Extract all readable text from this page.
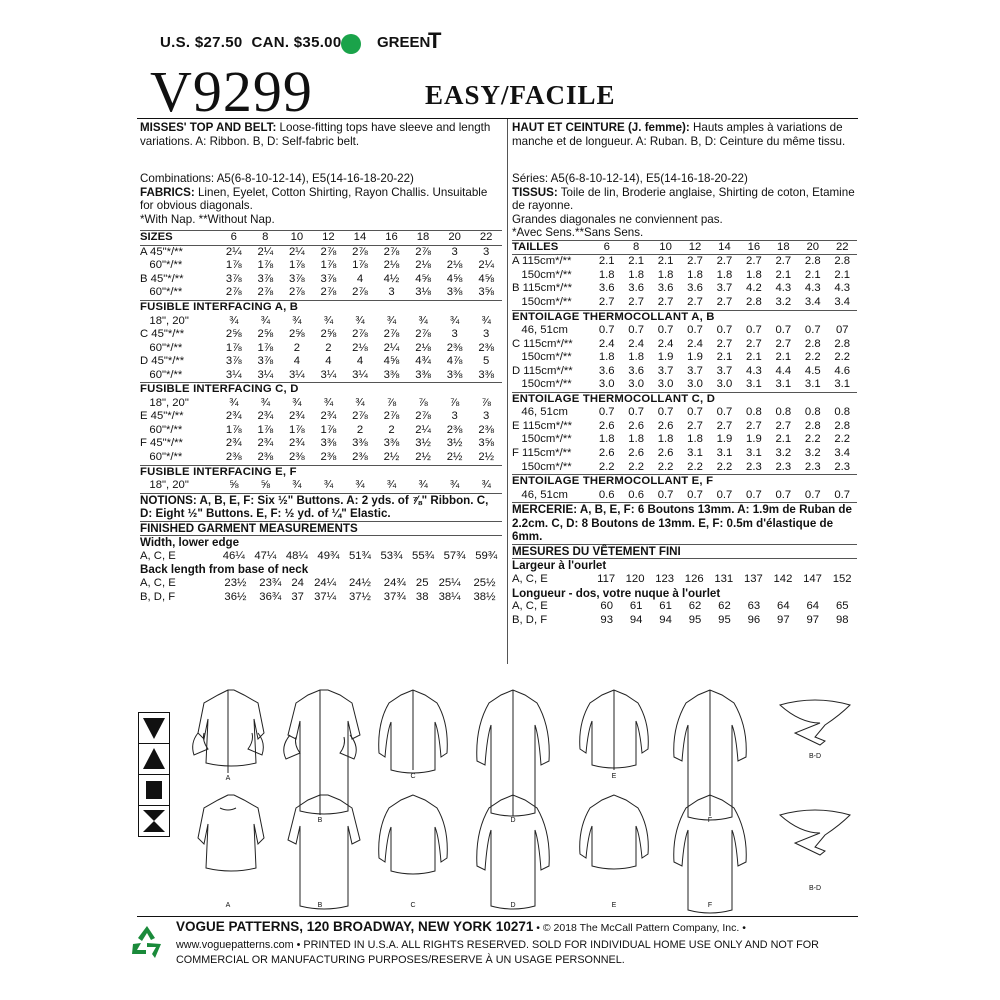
U.S. $27.50  CAN. $35.00 GREEN
T
V9299	EASY/FACILE

MISSES' TOP AND BELT: Loose-fitting tops have sleeve and length variations. A: Ribbon. B, D: Self-fabric belt.

Combinations: A5(6-8-10-12-14), E5(14-16-18-20-22)

FABRICS: Linen, Eyelet, Cotton Shirting, Rayon Challis. Unsuitable for obvious diagonals.

*With Nap. **Without Nap.

SIZES	6	8	10	12	14	16	18	20	22
A 45"*/**	2¼	2¼	2¼	2⅞	2⅞	2⅞	2⅞	3	3
60"*/**	1⅞	1⅞	1⅞	1⅞	1⅞	2⅛	2⅛	2⅛	2¼
B 45"*/**	3⅞	3⅞	3⅞	3⅞	4	4½	4⅝	4⅝	4⅝
60"*/**	2⅞	2⅞	2⅞	2⅞	2⅞	3	3⅛	3⅜	3⅝
FUSIBLE INTERFACING A, B									
18", 20"	¾	¾	¾	¾	¾	¾	¾	¾	¾
C 45"*/**	2⅝	2⅝	2⅝	2⅝	2⅞	2⅞	2⅞	3	3
60"*/**	1⅞	1⅞	2	2	2⅛	2¼	2⅛	2⅜	2⅜
D 45"*/**	3⅞	3⅞	4	4	4	4⅝	4¾	4⅞	5
60"*/**	3¼	3¼	3¼	3¼	3¼	3⅜	3⅜	3⅜	3⅜
FUSIBLE INTERFACING C, D									
18", 20"	¾	¾	¾	¾	¾	⅞	⅞	⅞	⅞
E 45"*/**	2¾	2¾	2¾	2¾	2⅞	2⅞	2⅞	3	3
60"*/**	1⅞	1⅞	1⅞	1⅞	2	2	2¼	2⅜	2⅜
F 45"*/**	2¾	2¾	2¾	3⅜	3⅜	3⅜	3½	3½	3⅝
60"*/**	2⅜	2⅜	2⅜	2⅜	2⅜	2½	2½	2½	2½
FUSIBLE INTERFACING E, F									
18", 20"	⅝	⅝	¾	¾	¾	¾	¾	¾	¾

NOTIONS: A, B, E, F: Six ½" Buttons. A: 2 yds. of ⅞" Ribbon. C, D: Eight ½" Buttons. E, F: ½ yd. of ¼" Elastic.

FINISHED GARMENT MEASUREMENTS

Width, lower edge

A, C, E	46¼	47¼	48¼	49¾	51¾	53¾	55¾	57¾	59¾

Back length from base of neck

A, C, E	23½	23¾	24	24¼	24½	24¾	25	25¼	25½
B, D, F	36½	36¾	37	37¼	37½	37¾	38	38¼	38½

HAUT ET CEINTURE (J. femme): Hauts amples à variations de manche et de longueur. A: Ruban. B, D: Ceinture du même tissu.

Séries: A5(6-8-10-12-14), E5(14-16-18-20-22)

TISSUS: Toile de lin, Broderie anglaise, Shirting de coton, Etamine de rayonne.

Grandes diagonales ne conviennent pas.

*Avec Sens.**Sans Sens.

TAILLES	6	8	10	12	14	16	18	20	22
A 115cm*/**	2.1	2.1	2.1	2.7	2.7	2.7	2.7	2.8	2.8
150cm*/**	1.8	1.8	1.8	1.8	1.8	1.8	2.1	2.1	2.1
B 115cm*/**	3.6	3.6	3.6	3.6	3.7	4.2	4.3	4.3	4.3
150cm*/**	2.7	2.7	2.7	2.7	2.7	2.8	3.2	3.4	3.4
ENTOILAGE THERMOCOLLANT A, B									
46, 51cm	0.7	0.7	0.7	0.7	0.7	0.7	0.7	0.7	07
C 115cm*/**	2.4	2.4	2.4	2.4	2.7	2.7	2.7	2.8	2.8
150cm*/**	1.8	1.8	1.9	1.9	2.1	2.1	2.1	2.2	2.2
D 115cm*/**	3.6	3.6	3.7	3.7	3.7	4.3	4.4	4.5	4.6
150cm*/**	3.0	3.0	3.0	3.0	3.0	3.1	3.1	3.1	3.1
ENTOILAGE THERMOCOLLANT C, D									
46, 51cm	0.7	0.7	0.7	0.7	0.7	0.8	0.8	0.8	0.8
E 115cm*/**	2.6	2.6	2.6	2.7	2.7	2.7	2.7	2.8	2.8
150cm*/**	1.8	1.8	1.8	1.8	1.9	1.9	2.1	2.2	2.2
F 115cm*/**	2.6	2.6	2.6	3.1	3.1	3.1	3.2	3.2	3.4
150cm*/**	2.2	2.2	2.2	2.2	2.2	2.3	2.3	2.3	2.3
ENTOILAGE THERMOCOLLANT E, F									
46, 51cm	0.6	0.6	0.7	0.7	0.7	0.7	0.7	0.7	0.7

MERCERIE: A, B, E, F: 6 Boutons 13mm. A: 1.9m de Ruban de 2.2cm. C, D: 8 Boutons de 13mm. E, F: 0.5m d'élastique de 6mm.

MESURES DU VÊTEMENT FINI

Largeur à l'ourlet

A, C, E	117	120	123	126	131	137	142	147	152

Longueur - dos, votre nuque à l'ourlet

A, C, E	60	61	61	62	62	63	64	64	65
B, D, F	93	94	94	95	95	96	97	97	98
A
B
C
D
E
F
B-D
A	B	C	D	E	F
B-D
VOGUE PATTERNS, 120 BROADWAY, NEW YORK 10271 • © 2018 The McCall Pattern Company, Inc. •
www.voguepatterns.com • PRINTED IN U.S.A. ALL RIGHTS RESERVED. SOLD FOR INDIVIDUAL HOME USE ONLY AND NOT FOR COMMERCIAL OR MANUFACTURING PURPOSES/RESERVE À UN USAGE PERSONNEL.
